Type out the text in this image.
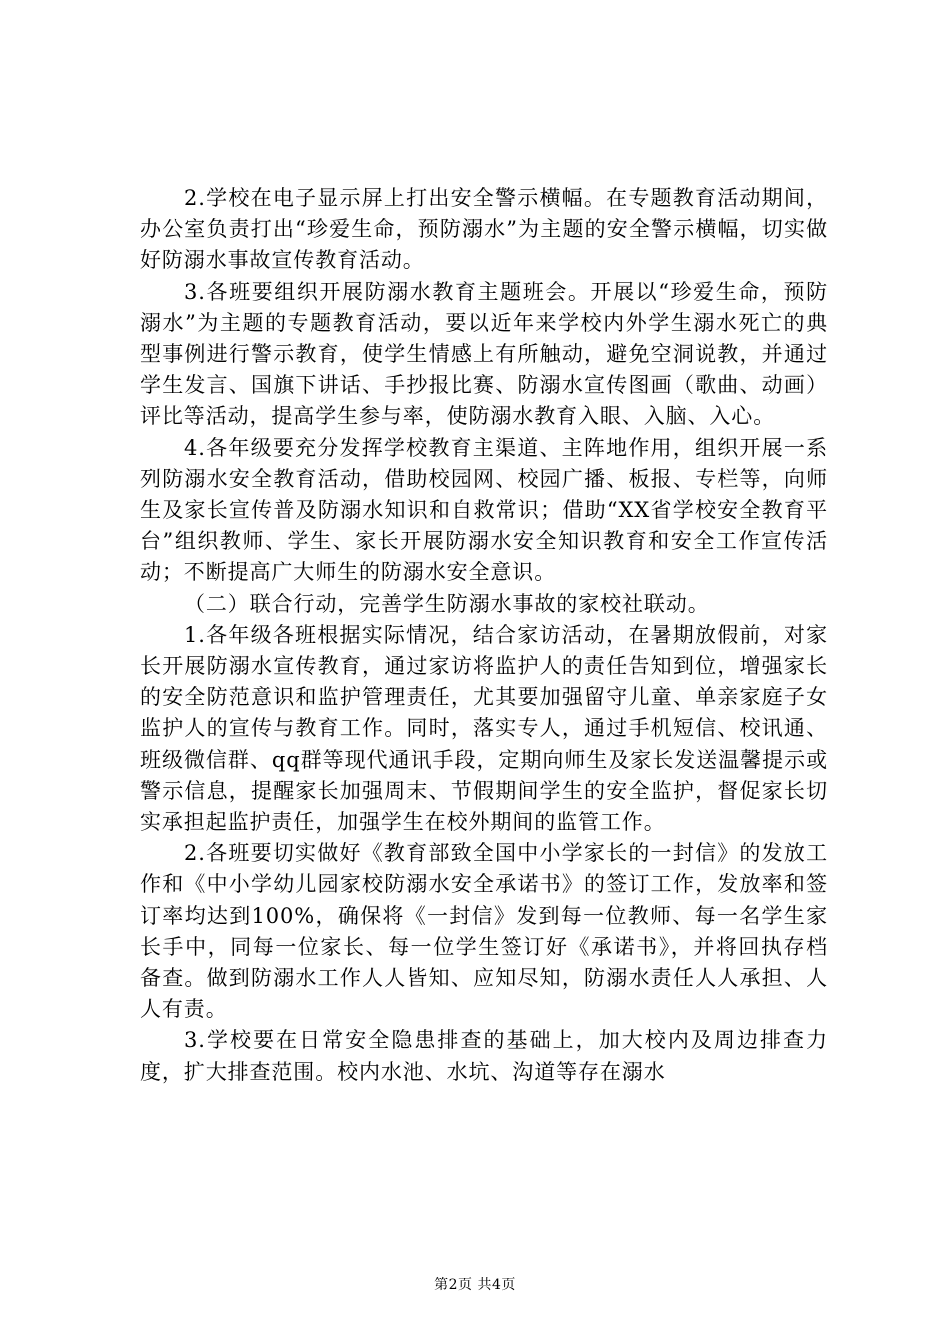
2.学校在电子显示屏上打出安全警示横幅。在专题教育活动期间，办公室负责打出“珍爱生命，预防溺水”为主题的安全警示横幅，切实做好防溺水事故宣传教育活动。

3.各班要组织开展防溺水教育主题班会。开展以“珍爱生命，预防溺水”为主题的专题教育活动，要以近年来学校内外学生溺水死亡的典型事例进行警示教育，使学生情感上有所触动，避免空洞说教，并通过学生发言、国旗下讲话、手抄报比赛、防溺水宣传图画（歌曲、动画）评比等活动，提高学生参与率，使防溺水教育入眼、入脑、入心。

4.各年级要充分发挥学校教育主渠道、主阵地作用，组织开展一系列防溺水安全教育活动，借助校园网、校园广播、板报、专栏等，向师生及家长宣传普及防溺水知识和自救常识；借助“XX省学校安全教育平台”组织教师、学生、家长开展防溺水安全知识教育和安全工作宣传活动；不断提高广大师生的防溺水安全意识。

（二）联合行动，完善学生防溺水事故的家校社联动。

1.各年级各班根据实际情况，结合家访活动，在暑期放假前，对家长开展防溺水宣传教育，通过家访将监护人的责任告知到位，增强家长的安全防范意识和监护管理责任，尤其要加强留守儿童、单亲家庭子女监护人的宣传与教育工作。同时，落实专人，通过手机短信、校讯通、班级微信群、qq群等现代通讯手段，定期向师生及家长发送温馨提示或警示信息，提醒家长加强周末、节假期间学生的安全监护，督促家长切实承担起监护责任，加强学生在校外期间的监管工作。

2.各班要切实做好《教育部致全国中小学家长的一封信》的发放工作和《中小学幼儿园家校防溺水安全承诺书》的签订工作，发放率和签订率均达到100%，确保将《一封信》发到每一位教师、每一名学生家长手中，同每一位家长、每一位学生签订好《承诺书》，并将回执存档备查。做到防溺水工作人人皆知、应知尽知，防溺水责任人人承担、人人有责。

3.学校要在日常安全隐患排查的基础上，加大校内及周边排查力度，扩大排查范围。校内水池、水坑、沟道等存在溺水

第2页 共4页
